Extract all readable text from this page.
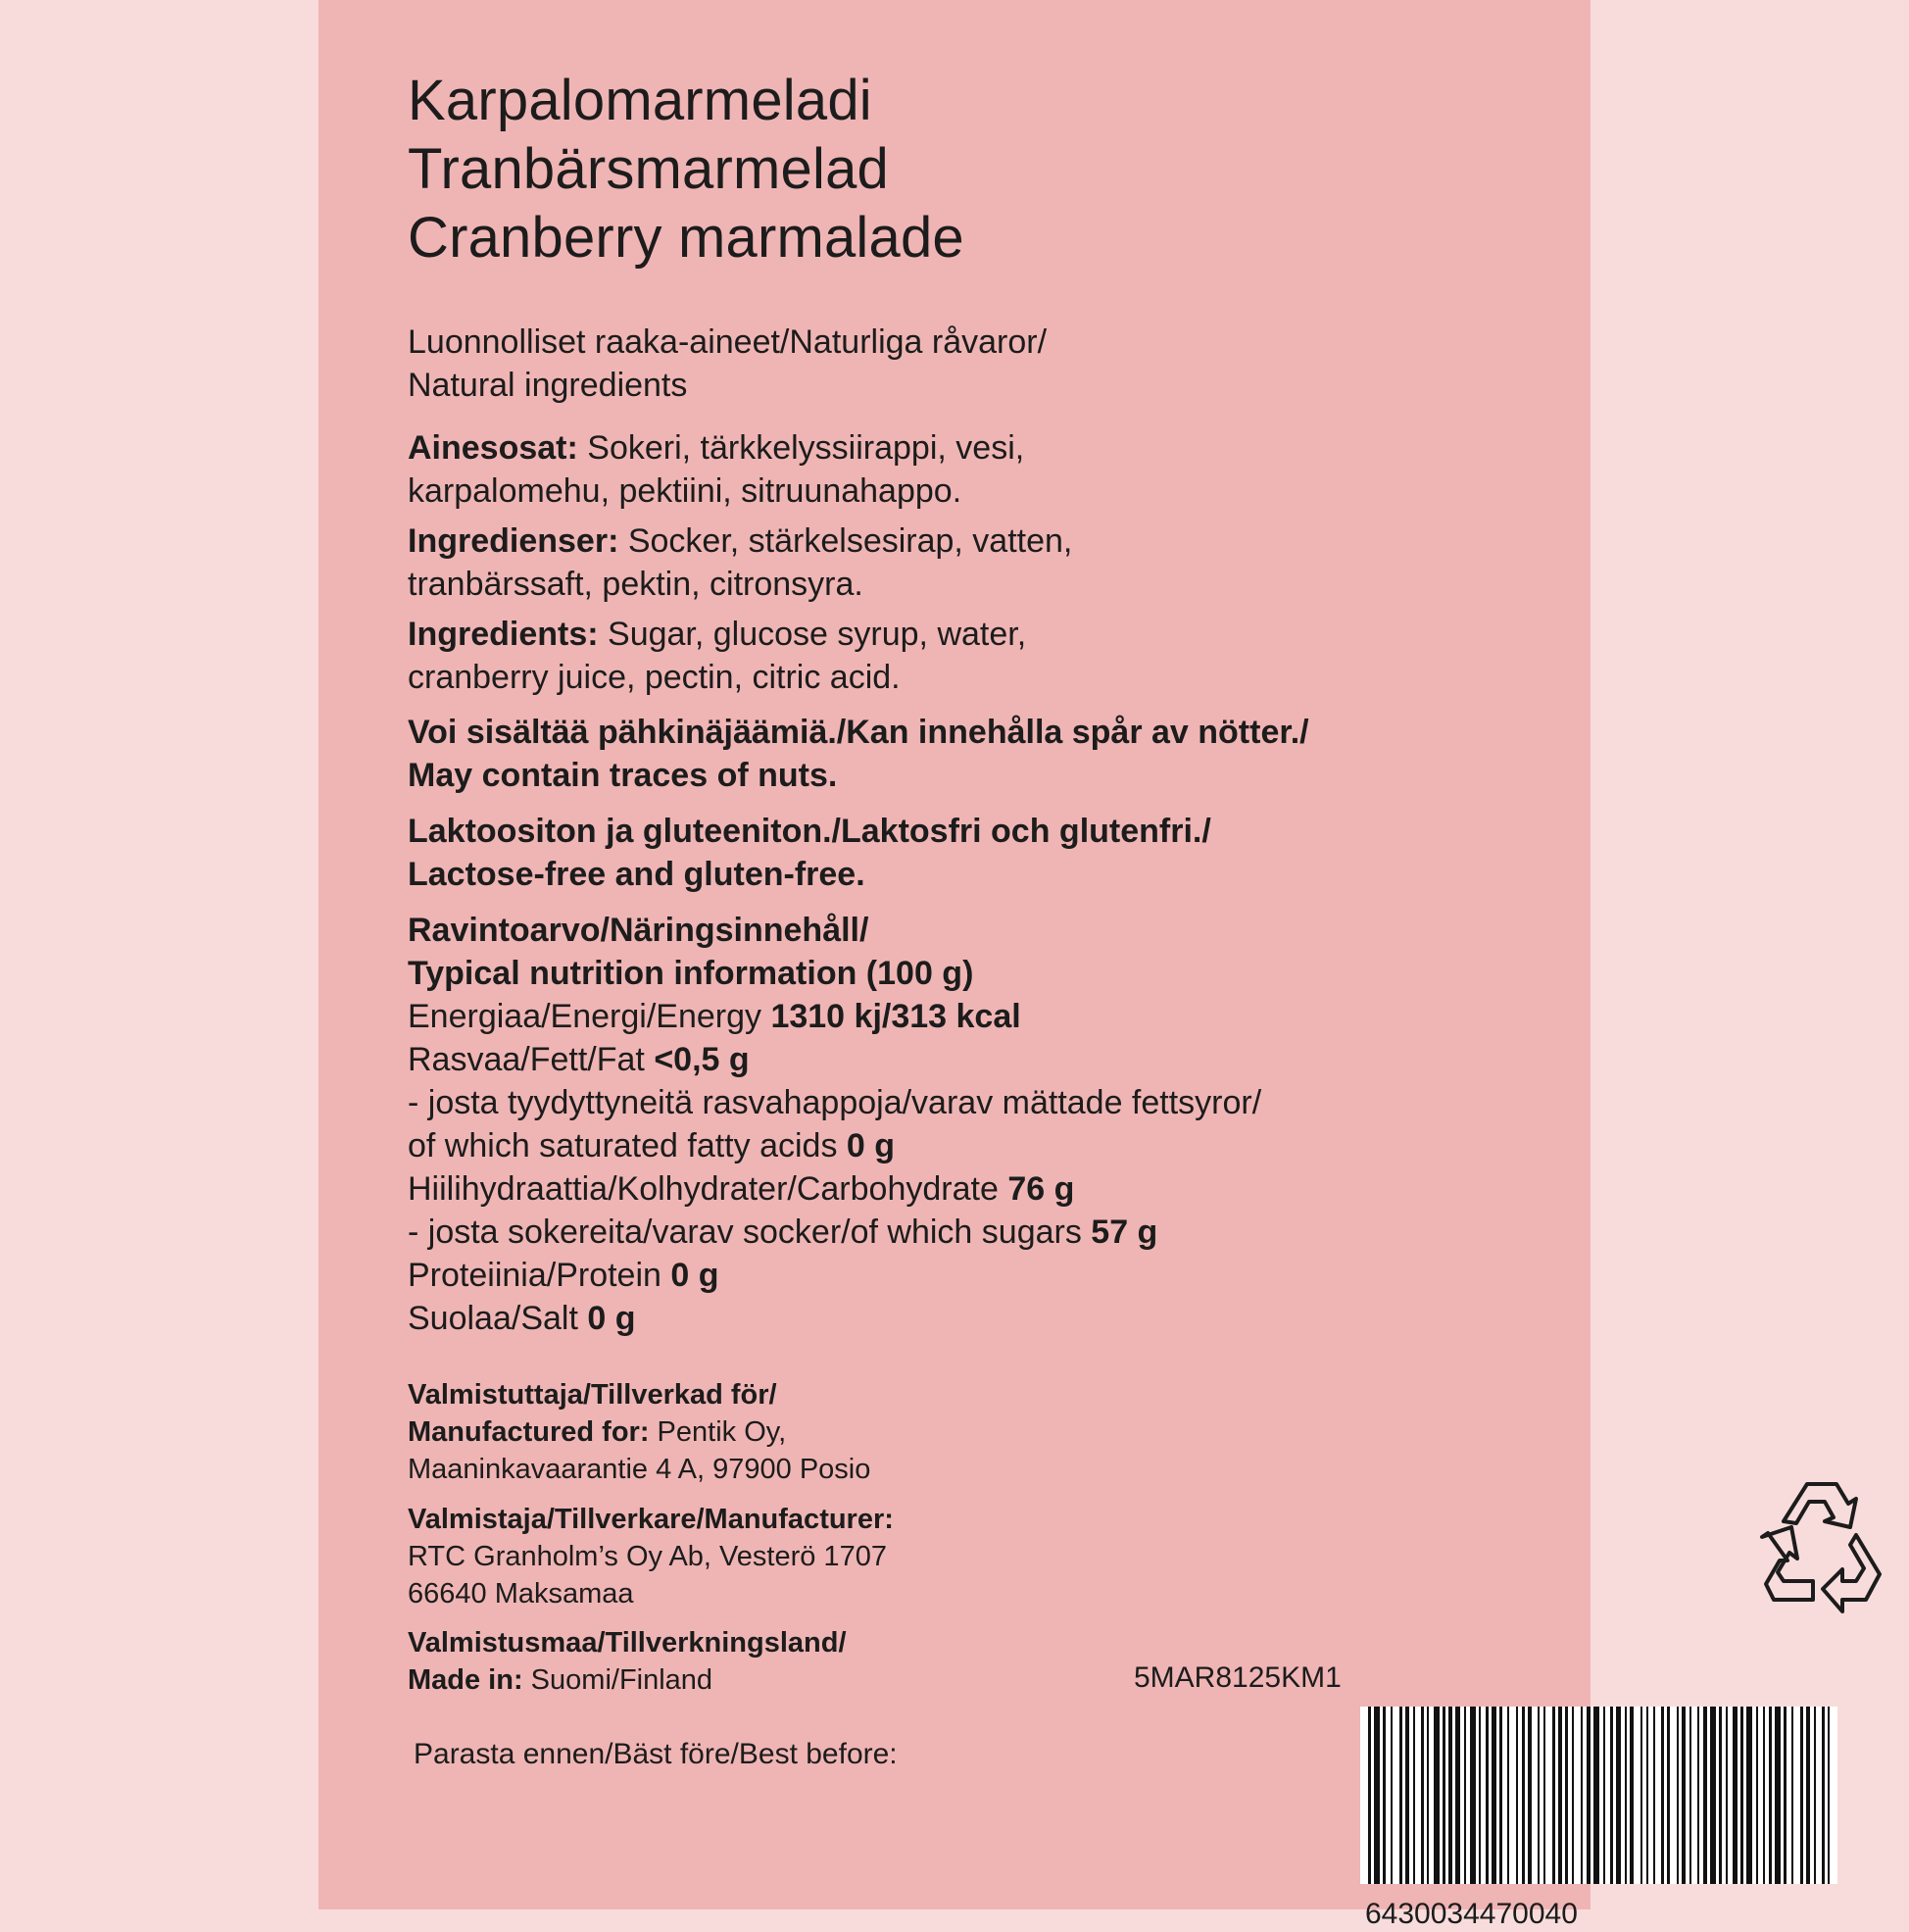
Karpalomarmeladi
Tranbärsmarmelad
Cranberry marmalade
Luonnolliset raaka-aineet/Naturliga råvaror/
Natural ingredients
Ainesosat: Sokeri, tärkkelyssiirappi, vesi,
karpalomehu, pektiini, sitruunahappo.
Ingredienser: Socker, stärkelsesirap, vatten,
tranbärssaft, pektin, citronsyra.
Ingredients: Sugar, glucose syrup, water,
cranberry juice, pectin, citric acid.
Voi sisältää pähkinäjäämiä./Kan innehålla spår av nötter./
May contain traces of nuts.
Laktoositon ja gluteeniton./Laktosfri och glutenfri./
Lactose-free and gluten-free.
Ravintoarvo/Näringsinnehåll/
Typical nutrition information (100 g)
Energiaa/Energi/Energy 1310 kj/313 kcal
Rasvaa/Fett/Fat <0,5 g
- josta tyydyttyneitä rasvahappoja/varav mättade fettsyror/
of which saturated fatty acids 0 g
Hiilihydraattia/Kolhydrater/Carbohydrate 76 g
- josta sokereita/varav socker/of which sugars 57 g
Proteiinia/Protein 0 g
Suolaa/Salt 0 g
Valmistuttaja/Tillverkad för/
Manufactured for: Pentik Oy,
Maaninkavaarantie 4 A, 97900 Posio
Valmistaja/Tillverkare/Manufacturer:
RTC Granholm’s Oy Ab, Vesterö 1707
66640 Maksamaa
Valmistusmaa/Tillverkningsland/
Made in: Suomi/Finland	5MAR8125KM1
Parasta ennen/Bäst före/Best before:
6430034470040
